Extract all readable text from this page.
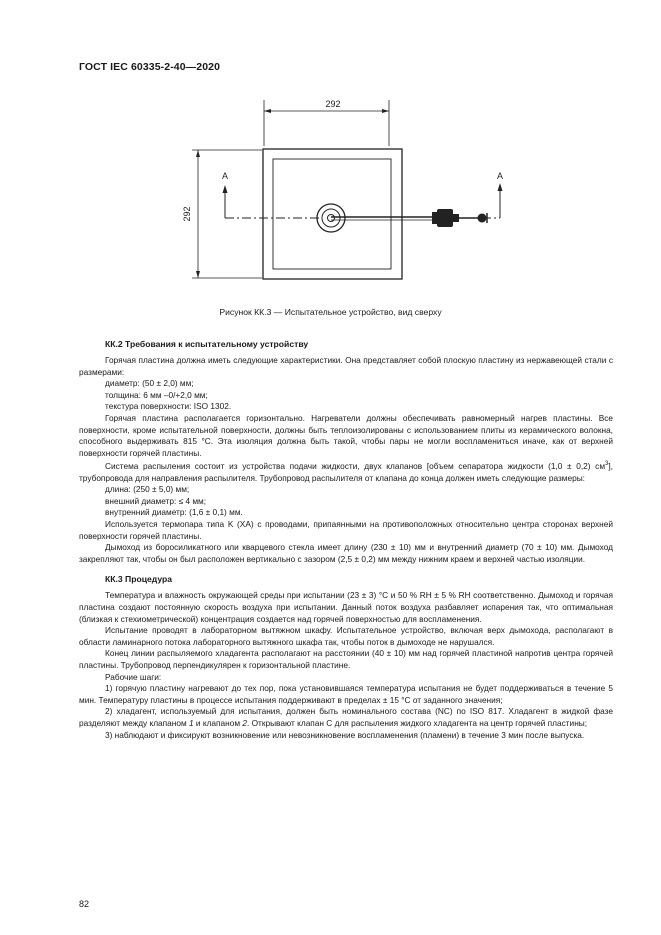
ГОСТ IEC 60335-2-40—2020
292
292
A	A
Рисунок КК.3 — Испытательное устройство, вид сверху
КК.2 Требования к испытательному устройству

Горячая пластина должна иметь следующие характеристики. Она представляет собой плоскую пластину из нержавеющей стали с размерами:

диаметр: (50 ± 2,0) мм;

толщина: 6 мм –0/+2,0 мм;

текстура поверхности: ISO 1302.

Горячая пластина располагается горизонтально. Нагреватели должны обеспечивать равномерный нагрев пластины. Все поверхности, кроме испытательной поверхности, должны быть теплоизолированы с использованием плиты из керамического волокна, способного выдерживать 815 °C. Эта изоляция должна быть такой, чтобы пары не могли воспламениться иначе, как от верхней поверхности горячей пластины.

Система распыления состоит из устройства подачи жидкости, двух клапанов [объем сепаратора жидкости (1,0 ± 0,2) $см^3$], трубопровода для направления распылителя. Трубопровод распылителя от клапана до конца должен иметь следующие размеры:

длина: (250 ± 5,0) мм;

внешний диаметр: ≤ 4 мм;

внутренний диаметр: (1,6 ± 0,1) мм.

Используется термопара типа K (XA) с проводами, припаянными на противоположных относительно центра сторонах верхней поверхности горячей пластины.

Дымоход из боросиликатного или кварцевого стекла имеет длину (230 ± 10) мм и внутренний диаметр (70 ± 10) мм. Дымоход закрепляют так, чтобы он был расположен вертикально с зазором (2,5 ± 0,2) мм между нижним краем и верхней частью изоляции.

КК.3 Процедура

Температура и влажность окружающей среды при испытании (23 ± 3) °C и 50 % RH ± 5 % RH соответственно. Дымоход и горячая пластина создают постоянную скорость воздуха при испытании. Данный поток воздуха разбавляет испарения так, что оптимальная (близкая к стехиометрической) концентрация создается над горячей поверхностью для воспламенения.

Испытание проводят в лабораторном вытяжном шкафу. Испытательное устройство, включая верх дымохода, располагают в области ламинарного потока лабораторного вытяжного шкафа так, чтобы поток в дымоходе не нарушался.

Конец линии распыляемого хладагента располагают на расстоянии (40 ± 10) мм над горячей пластиной напротив центра горячей пластины. Трубопровод перпендикулярен к горизонтальной пластине.

Рабочие шаги:

1) горячую пластину нагревают до тех пор, пока установившаяся температура испытания не будет поддерживаться в течение 5 мин. Температуру пластины в процессе испытания поддерживают в пределах ± 15 °C от заданного значения;

2) хладагент, используемый для испытания, должен быть номинального состава (NC) по ISO 817. Хладагент в жидкой фазе разделяют между клапаном 1 и клапаном 2. Открывают клапан C для распыления жидкого хладагента на центр горячей пластины;

3) наблюдают и фиксируют возникновение или невозникновение воспламенения (пламени) в течение 3 мин после выпуска.

82
